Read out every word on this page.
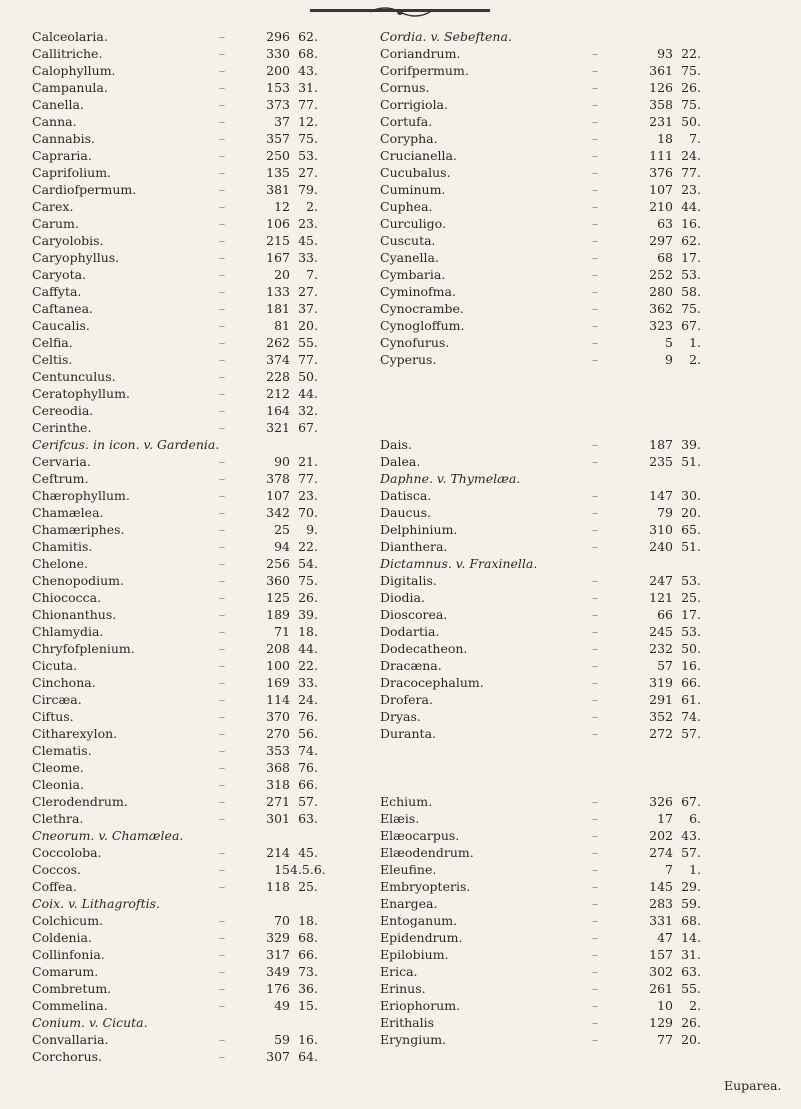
Calceolaria.	–	296 62.
Callitriche.	–	330 68.
Calophyllum.	–	200 43.
Campanula.	–	153 31.
Canella.	–	373 77.
Canna.	–	37 12.
Cannabis.	–	357 75.
Capraria.	–	250 53.
Caprifolium.	–	135 27.
Cardiofpermum.	–	381 79.
Carex.	–	12	2.
Carum.	–	106 23.
Caryolobis.	–	215 45.
Caryophyllus.	–	167 33.
Caryota.	–	20	7.
Caffyta.	–	133 27.
Caftanea.	–	181 37.
Caucalis.	–	81 20.
Celfia.	–	262 55.
Celtis.	–	374 77.
Centunculus.	–	228 50.
Ceratophyllum.	–	212 44.
Cereodia.	–	164 32.
Cerinthe.	–	321 67.
Cerifcus. in icon. v. Gardenia.
Cervaria.	–	90 21.
Ceftrum.	–	378 77.
Chærophyllum.	–	107 23.
Chamælea.	–	342 70.
Chamæriphes.	–	25	9.
Chamitis.	–	94 22.
Chelone.	–	256 54.
Chenopodium.	–	360 75.
Chiococca.	–	125 26.
Chionanthus.	–	189 39.
Chlamydia.	–	71 18.
Chryfofplenium.	–	208 44.
Cicuta.	–	100 22.
Cinchona.	–	169 33.
Circæa.	–	114 24.
Ciftus.	–	370 76.
Citharexylon.	–	270 56.
Clematis.	–	353 74.
Cleome.	–	368 76.
Cleonia.	–	318 66.
Clerodendrum.	–	271 57.
Clethra.	–	301 63.
Cneorum. v. Chamælea.
Coccoloba.	–	214 45.
Coccos.	–	15 4.5.6.
Coffea.	–	118 25.
Coix. v. Lithagroftis.
Colchicum.	–	70 18.
Coldenia.	–	329 68.
Collinfonia.	–	317 66.
Comarum.	–	349 73.
Combretum.	–	176 36.
Commelina.	–	49 15.
Conium. v. Cicuta.
Convallaria.	–	59 16.
Corchorus.	–	307 64.
Cordia. v. Sebeftena.
Coriandrum.	–	93 22.
Corifpermum.	–	361 75.
Cornus.	–	126 26.
Corrigiola.	–	358 75.
Cortufa.	–	231 50.
Corypha.	–	18	7.
Crucianella.	–	111 24.
Cucubalus.	–	376 77.
Cuminum.	–	107 23.
Cuphea.	–	210 44.
Curculigo.	–	63 16.
Cuscuta.	–	297 62.
Cyanella.	–	68 17.
Cymbaria.	–	252 53.
Cyminofma.	–	280 58.
Cynocrambe.	–	362 75.
Cynogloffum.	–	323 67.
Cynofurus.	–	5	1.
Cyperus.	–	9	2.
Dais.	–	187 39.
Dalea.	–	235 51.
Daphne. v. Thymelæa.
Datisca.	–	147 30.
Daucus.	–	79 20.
Delphinium.	–	310 65.
Dianthera.	–	240 51.
Dictamnus. v. Fraxinella.
Digitalis.	–	247 53.
Diodia.	–	121 25.
Dioscorea.	–	66 17.
Dodartia.	–	245 53.
Dodecatheon.	–	232 50.
Dracæna.	–	57 16.
Dracocephalum.	–	319 66.
Drofera.	–	291 61.
Dryas.	–	352 74.
Duranta.	–	272 57.
Echium.	–	326 67.
Elæis.	–	17	6.
Elæocarpus.	–	202 43.
Elæodendrum.	–	274 57.
Eleufine.	–	7	1.
Embryopteris.	–	145 29.
Enargea.	–	283 59.
Entoganum.	–	331 68.
Epidendrum.	–	47 14.
Epilobium.	–	157 31.
Erica.	–	302 63.
Erinus.	–	261 55.
Eriophorum.	–	10	2.
Erithalis	–	129 26.
Eryngium.	–	77 20.
Euparea.
